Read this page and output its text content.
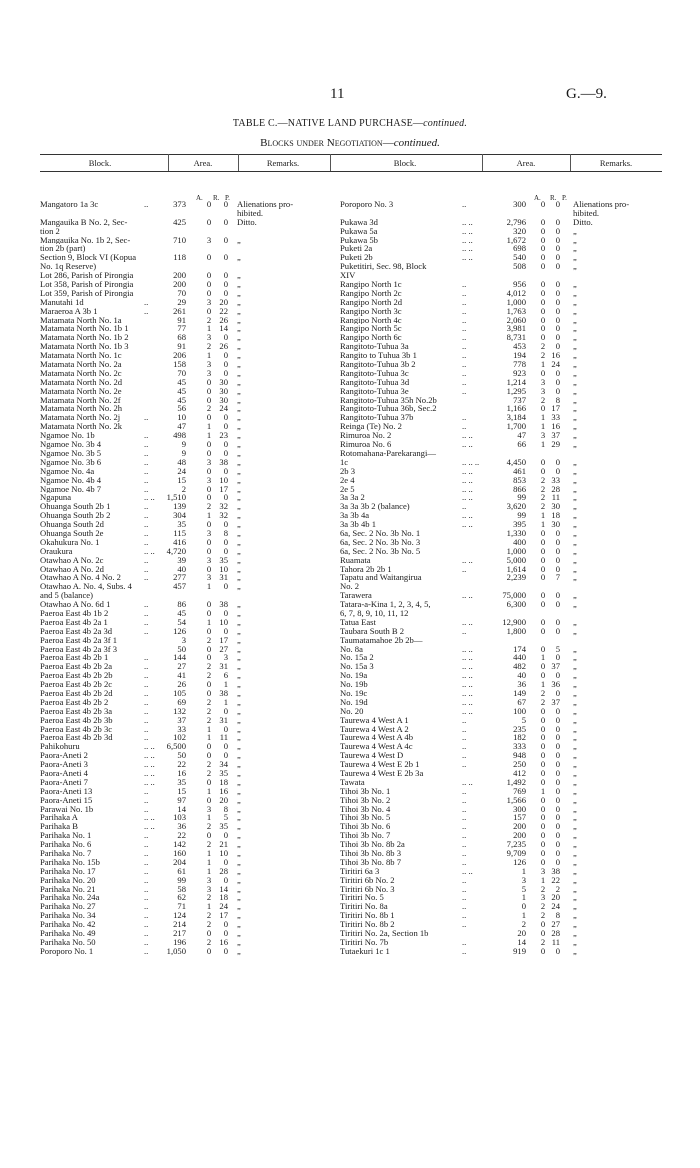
11	G.—9.
TABLE C.—NATIVE LAND PURCHASE—continued.
Blocks under Negotiation—continued.
Block.	Area.	Remarks.	Block.	Area.	Remarks.
A. R. P.	A. R. P.
Mangatoro 1a 3c	..	373	0	0 Alienations pro-
hibited.
Mangauika B No. 2, Sec-	425	0	0 Ditto.
tion 2
Mangauika No. 1b 2, Sec-	710	3	0 „
tion 2b (part)
Section 9, Block VI (Kopua	118	0	0 „
No. 1q Reserve)
Lot 286, Parish of Pirongia	200	0	0 „
Lot 358, Parish of Pirongia	200	0	0 „
Lot 359, Parish of Pirongia	70	0	0 „
Manutahi 1d	..	29	3 20 „
Maraeroa A 3b 1	..	261	0 22 „
Matamata North No. 1a	91	2 26 „
Matamata North No. 1b 1	77	1 14 „
Matamata North No. 1b 2	68	3	0 „
Matamata North No. 1b 3	91	2 26 „
Matamata North No. 1c	206	1	0 „
Matamata North No. 2a	158	3	0 „
Matamata North No. 2c	70	3	0 „
Matamata North No. 2d	45	0 30 „
Matamata North No. 2e	45	0 30 „
Matamata North No. 2f	45	0 30 „
Matamata North No. 2h	56	2 24 „
Matamata North No. 2j	..	10	0	0 „
Matamata North No. 2k	47	1	0 „
Ngamoe No. 1b	..	498	1 23 „
Ngamoe No. 3b 4	..	9	0	0 „
Ngamoe No. 3b 5	..	9	0	0 „
Ngamoe No. 3b 6	..	48	3 38 „
Ngamoe No. 4a	..	24	0	0 „
Ngamoe No. 4b 4	..	15	3 10 „
Ngamoe No. 4b 7	..	2	0 17 „
Ngapuna	.. ..	1,510	0	0 „
Ohuanga South 2b 1	..	139	2 32 „
Ohuanga South 2b 2	..	304	1 32 „
Ohuanga South 2d	..	35	0	0 „
Ohuanga South 2e	..	115	3	8 „
Okahukura No. 1	..	416	0	0 „
Oraukura	.. ..	4,720	0	0 „
Otawhao A No. 2c	..	39	3 35 „
Otawhao A No. 2d	..	40	0 10 „
Otawhao A No. 4 No. 2	..	277	3 31 „
Otawhao A. No. 4, Subs. 4	457	1	0 „
and 5 (balance)
Otawhao A No. 6d 1	..	86	0 38 „
Paeroa East 4b 1b 2	..	45	0	0 „
Paeroa East 4b 2a 1	..	54	1 10 „
Paeroa East 4b 2a 3d	..	126	0	0 „
Paeroa East 4b 2a 3f 1	3	2 17 „
Paeroa East 4b 2a 3f 3	50	0 27 „
Paeroa East 4b 2b 1	..	144	0	3 „
Paeroa East 4b 2b 2a	..	27	2 31 „
Paeroa East 4b 2b 2b	..	41	2	6 „
Paeroa East 4b 2b 2c	..	26	0	1 „
Paeroa East 4b 2b 2d	..	105	0 38 „
Paeroa East 4b 2b 2	..	69	2	1 „
Paeroa East 4b 2b 3a	..	132	2	0 „
Paeroa East 4b 2b 3b	..	37	2 31 „
Paeroa East 4b 2b 3c	..	33	1	0 „
Paeroa East 4b 2b 3d	..	102	1 11 „
Pahikohuru	.. ..	6,500	0	0 „
Paora-Aneti 2	.. ..	50	0	0 „
Paora-Aneti 3	.. ..	22	2 34 „
Paora-Aneti 4	.. ..	16	2 35 „
Paora-Aneti 7	.. ..	35	0 18 „
Paora-Aneti 13	..	15	1 16 „
Paora-Aneti 15	..	97	0 20 „
Parawai No. 1b	..	14	3	8 „
Parihaka A	.. ..	103	1	5 „
Parihaka B	.. ..	36	2 35 „
Parihaka No. 1	..	22	0	0 „
Parihaka No. 6	..	142	2 21 „
Parihaka No. 7	..	160	1 10 „
Parihaka No. 15b	..	204	1	0 „
Parihaka No. 17	..	61	1 28 „
Parihaka No. 20	..	99	3	0 „
Parihaka No. 21	..	58	3 14 „
Parihaka No. 24a	..	62	2 18 „
Parihaka No. 27	..	71	1 24 „
Parihaka No. 34	..	124	2 17 „
Parihaka No. 42	..	214	2	0 „
Parihaka No. 49	..	217	0	0 „
Parihaka No. 50	..	196	2 16 „
Poroporo No. 1	..	1,050	0	0 „
Poroporo No. 3	..	300	0	0 Alienations pro-
hibited.
Pukawa 3d	.. ..	2,796	0	0 Ditto.
Pukawa 5a	.. ..	320	0	0 „
Pukawa 5b	.. ..	1,672	0	0 „
Puketi 2a	.. ..	698	0	0 „
Puketi 2b	.. ..	540	0	0 „
Puketitiri, Sec. 98, Block	508	0	0 „
XIV
Rangipo North 1c	..	956	0	0 „
Rangipo North 2c	..	4,012	0	0 „
Rangipo North 2d	..	1,000	0	0 „
Rangipo North 3c	..	1,763	0	0 „
Rangipo North 4c	..	2,060	0	0 „
Rangipo North 5c	..	3,981	0	0 „
Rangipo North 6c	..	8,731	0	0 „
Rangitoto-Tuhua 3a	..	453	2	0 „
Rangito to Tuhua 3b 1	..	194	2 16 „
Rangitoto-Tuhua 3b 2	..	778	1 24 „
Rangitoto-Tuhua 3c	..	923	0	0 „
Rangitoto-Tuhua 3d	..	1,214	3	0 „
Rangitoto-Tuhua 3e	..	1,295	3	0 „
Rangitoto-Tuhua 35h No.2b	737	2	8 „
Rangitoto-Tuhua 36b, Sec.2	1,166	0 17 „
Rangitoto-Tuhua 37b	..	3,184	1 33 „
Reinga (Te) No. 2	..	1,700	1 16 „
Rimuroa No. 2	.. ..	47	3 37 „
Rimuroa No. 6	.. ..	66	1 29 „
Rotomahana-Parekarangi—
1c	.. .. ..	4,450	0	0 „
2b 3	.. ..	461	0	0 „
2e 4	.. ..	853	2 33 „
2e 5	.. ..	866	2 28 „
3a 3a 2	.. ..	99	2 11 „
3a 3a 3b 2 (balance)	..	3,620	2 30 „
3a 3b 4a	.. ..	99	1 18 „
3a 3b 4b 1	.. ..	395	1 30 „
6a, Sec. 2 No. 3b No. 1	1,330	0	0 „
6a, Sec. 2 No. 3b No. 3	400	0	0 „
6a, Sec. 2 No. 3b No. 5	1,000	0	0 „
Ruamata	.. ..	5,000	0	0 „
Tahora 2b 2b 1	..	1,614	0	0 „
Tapatu and Waitangirua	2,239	0	7 „
No. 2
Tarawera	.. ..	75,000	0	0 „
Tatara-a-Kina 1, 2, 3, 4, 5,	6,300	0	0 „
6, 7, 8, 9, 10, 11, 12
Tatua East	.. ..	12,900	0	0 „
Taubara South B 2	..	1,800	0	0 „
Taumatamahoe 2b 2b—
No. 8a	.. ..	174	0	5 „
No. 15a 2	.. ..	440	1	0 „
No. 15a 3	.. ..	482	0 37 „
No. 19a	.. ..	40	0	0 „
No. 19b	.. ..	36	1 36 „
No. 19c	.. ..	149	2	0 „
No. 19d	.. ..	67	2 37 „
No. 20	.. ..	100	0	0 „
Taurewa 4 West A 1	..	5	0	0 „
Taurewa 4 West A 2	..	235	0	0 „
Taurewa 4 West A 4b	..	182	0	0 „
Taurewa 4 West A 4c	..	333	0	0 „
Taurewa 4 West D	..	948	0	0 „
Taurewa 4 West E 2b 1	..	250	0	0 „
Taurewa 4 West E 2b 3a	412	0	0 „
Tawata	.. ..	1,492	0	0 „
Tihoi 3b No. 1	..	769	1	0 „
Tihoi 3b No. 2	..	1,566	0	0 „
Tihoi 3b No. 4	..	300	0	0 „
Tihoi 3b No. 5	..	157	0	0 „
Tihoi 3b No. 6	..	200	0	0 „
Tihoi 3b No. 7	..	200	0	0 „
Tihoi 3b No. 8b 2a	..	7,235	0	0 „
Tihoi 3b No. 8b 3	..	9,709	0	0 „
Tihoi 3b No. 8b 7	..	126	0	0 „
Tiritiri 6a 3	.. ..	1	3 38 „
Tiritiri 6b No. 2	..	3	1 22 „
Tiritiri 6b No. 3	..	5	2	2 „
Tiritiri No. 5	..	1	3 20 „
Tiritiri No. 8a	..	0	2 24 „
Tiritiri No. 8b 1	..	1	2	8 „
Tiritiri No. 8b 2	..	2	0 27 „
Tiritiri No. 2a, Section 1b	20	0 28 „
Tiritiri No. 7b	..	14	2 11 „
Tutaekuri 1c 1	..	919	0	0 „
